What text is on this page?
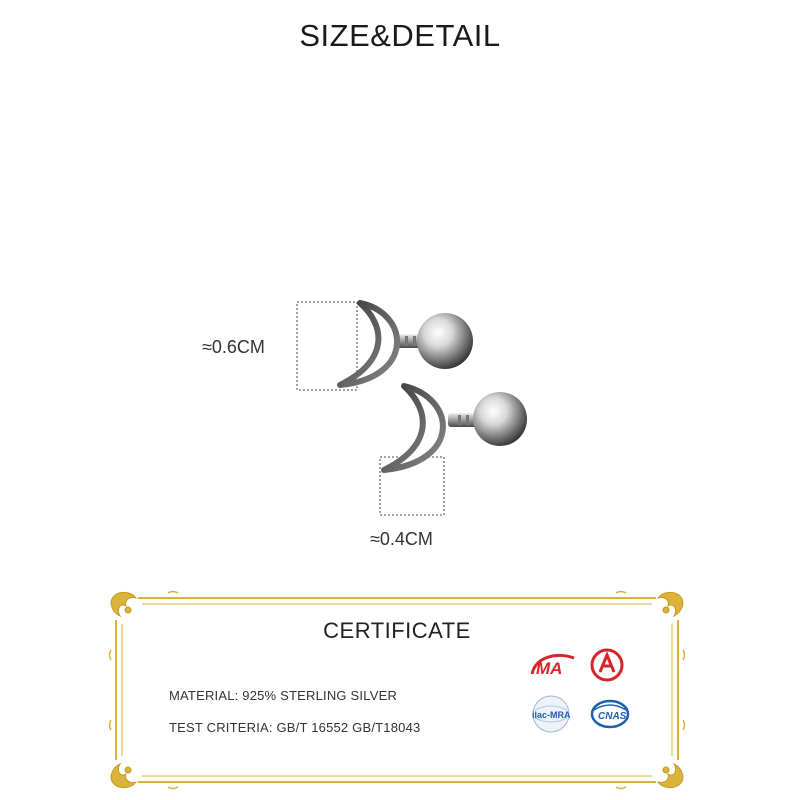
SIZE&DETAIL
≈0.6CM
≈0.4CM
CERTIFICATE
MATERIAL: 925% STERLING SILVER
TEST CRITERIA: GB/T 16552 GB/T18043
MA
ilac-MRA	CNAS
